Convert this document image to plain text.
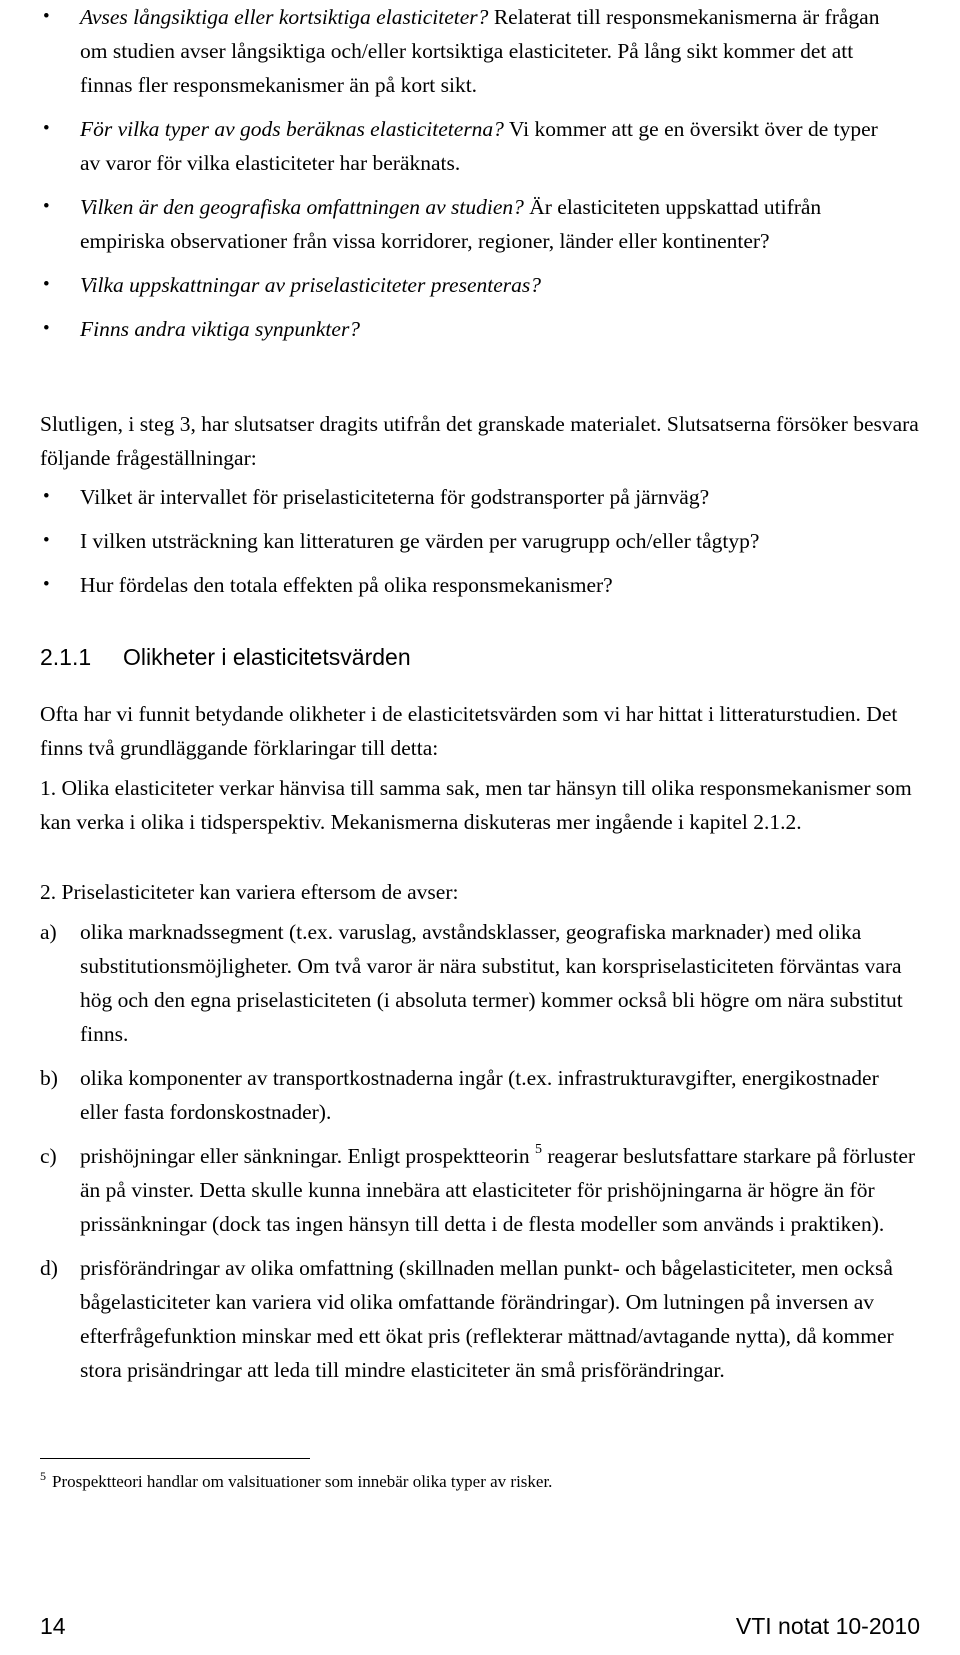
• Avses långsiktiga eller kortsiktiga elasticiteter? Relaterat till responsmekanismerna är frågan om studien avser långsiktiga och/eller kortsiktiga elasticiteter. På lång sikt kommer det att finnas fler responsmekanismer än på kort sikt.
• För vilka typer av gods beräknas elasticiteterna? Vi kommer att ge en översikt över de typer av varor för vilka elasticiteter har beräknats.
• Vilken är den geografiska omfattningen av studien? Är elasticiteten uppskattad utifrån empiriska observationer från vissa korridorer, regioner, länder eller kontinenter?
• Vilka uppskattningar av priselasticiteter presenteras?
• Finns andra viktiga synpunkter?

Slutligen, i steg 3, har slutsatser dragits utifrån det granskade materialet. Slutsatserna försöker besvara följande frågeställningar:

• Vilket är intervallet för priselasticiteterna för godstransporter på järnväg?
• I vilken utsträckning kan litteraturen ge värden per varugrupp och/eller tågtyp?
• Hur fördelas den totala effekten på olika responsmekanismer?
2.1.1 Olikheter i elasticitetsvärden

Ofta har vi funnit betydande olikheter i de elasticitetsvärden som vi har hittat i litteraturstudien. Det finns två grundläggande förklaringar till detta:

1. Olika elasticiteter verkar hänvisa till samma sak, men tar hänsyn till olika responsmekanismer som kan verka i olika i tidsperspektiv. Mekanismerna diskuteras mer ingående i kapitel 2.1.2.

2. Priselasticiteter kan variera eftersom de avser:

a) olika marknadssegment (t.ex. varuslag, avståndsklasser, geografiska marknader) med olika substitutionsmöjligheter. Om två varor är nära substitut, kan korspriselasticiteten förväntas vara hög och den egna priselasticiteten (i absoluta termer) kommer också bli högre om nära substitut finns.
b) olika komponenter av transportkostnaderna ingår (t.ex. infrastrukturavgifter, energikostnader eller fasta fordonskostnader).
c) prishöjningar eller sänkningar. Enligt prospektteorin $^5$ reagerar beslutsfattare starkare på förluster än på vinster. Detta skulle kunna innebära att elasticiteter för prishöjningarna är högre än för prissänkningar (dock tas ingen hänsyn till detta i de flesta modeller som används i praktiken).
d) prisförändringar av olika omfattning (skillnaden mellan punkt- och bågelasticiteter, men också bågelasticiteter kan variera vid olika omfattande förändringar). Om lutningen på inversen av efterfrågefunktion minskar med ett ökat pris (reflekterar mättnad/avtagande nytta), då kommer stora prisändringar att leda till mindre elasticiteter än små prisförändringar.
$^5$ Prospektteori handlar om valsituationer som innebär olika typer av risker.
14	VTI notat 10-2010
